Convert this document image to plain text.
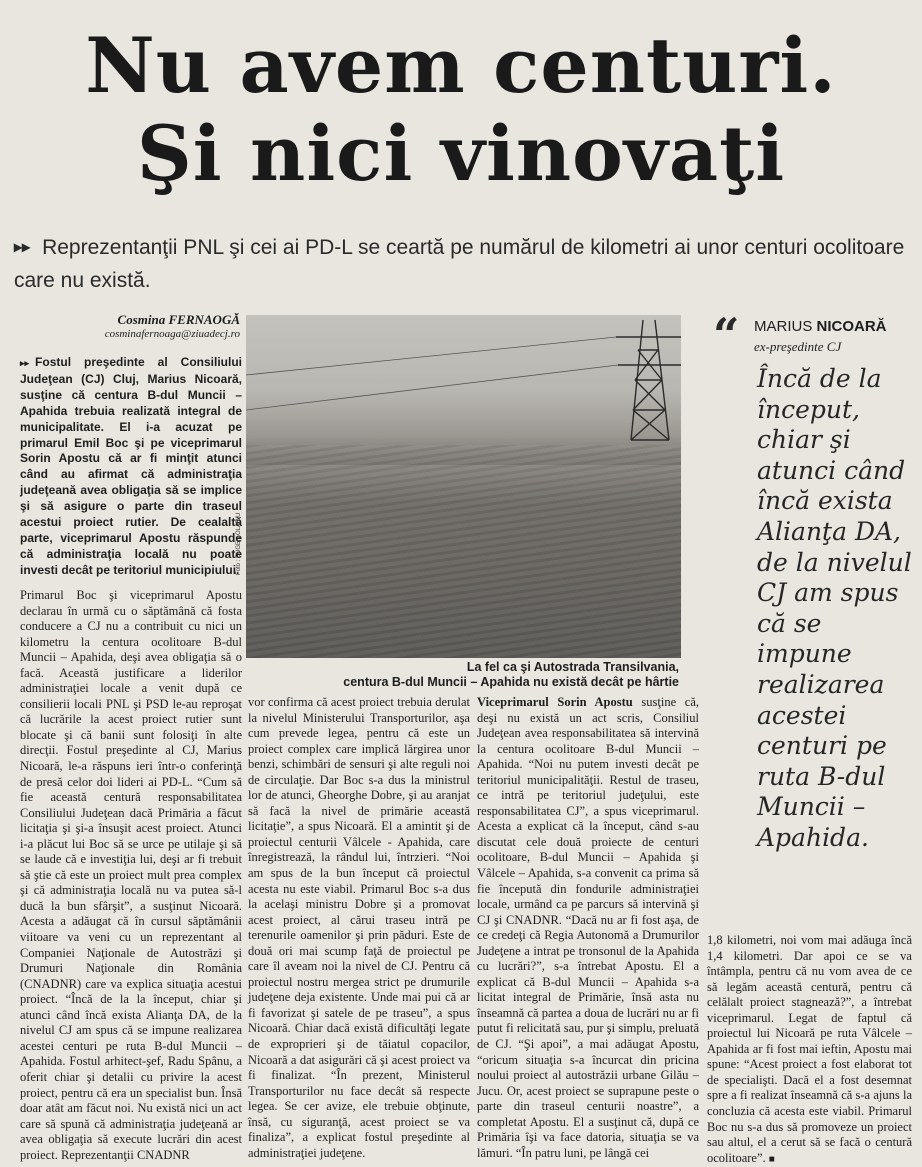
Nu avem centuri.
Şi nici vinovaţi
▸▸ Reprezentanţii PNL şi cei ai PD-L se ceartă pe numărul de kilometri ai unor centuri ocolitoare care nu există.
Cosmina FERNAOGĂ
cosminafernoaga@ziuadecj.ro

▸▸ Fostul preşedinte al Consiliului Judeţean (CJ) Cluj, Marius Nicoară, susţine că centura B-dul Muncii – Apahida trebuia realizată integral de municipalitate. El i-a acuzat pe primarul Emil Boc şi pe viceprimarul Sorin Apostu că ar fi minţit atunci când au afirmat că administraţia judeţeană avea obligaţia să se implice şi să asigure o parte din traseul acestui proiect rutier. De cealaltă parte, viceprimarul Apostu răspunde că administraţia locală nu poate investi decât pe teritoriul municipiului.

Primarul Boc şi viceprimarul Apostu declarau în urmă cu o săptămână că fosta conducere a CJ nu a contribuit cu nici un kilometru la centura ocolitoare B-dul Muncii – Apahida, deşi avea obligaţia să o facă. Această justificare a liderilor administraţiei locale a venit după ce consilierii locali PNL şi PSD le-au reproşat că lucrările la acest proiect rutier sunt blocate şi că banii sunt folosiţi în alte direcţii. Fostul preşedinte al CJ, Marius Nicoară, le-a răspuns ieri într-o conferinţă de presă celor doi lideri ai PD-L. “Cum să fie această centură responsabilitatea Consiliului Judeţean dacă Primăria a făcut licitaţia şi şi-a însuşit acest proiect. Atunci i-a plăcut lui Boc să se urce pe utilaje şi să se laude că e investiţia lui, deşi ar fi trebuit să ştie că este un proiect mult prea complex şi că administraţia locală nu va putea să-l ducă la bun sfârşit”, a susţinut Nicoară. Acesta a adăugat că în cursul săptămânii viitoare va veni cu un reprezentant al Companiei Naţionale de Autostrăzi şi Drumuri Naţionale din România (CNADNR) care va explica situaţia acestui proiect. “Încă de la la început, chiar şi atunci când încă exista Alianţa DA, de la nivelul CJ am spus că se impune realizarea acestei centuri pe ruta B-dul Muncii – Apahida. Fostul arhitect-şef, Radu Spânu, a oferit chiar şi detalii cu privire la acest proiect, pentru că era un specialist bun. Însă doar atât am făcut noi. Nu există nici un act care să spună că administraţia judeţeană ar avea obligaţia să execute lucrări din acest proiect. Reprezentanţii CNADNR

Foto : EUGEN OLARIU
La fel ca şi Autostrada Transilvania,
centura B-dul Muncii – Apahida nu există decât pe hârtie

vor confirma că acest proiect trebuia derulat la nivelul Ministerului Transporturilor, aşa cum prevede legea, pentru că este un proiect complex care implică lărgirea unor benzi, schimbări de sensuri şi alte reguli noi de circulaţie. Dar Boc s-a dus la ministrul lor de atunci, Gheorghe Dobre, şi au aranjat să facă la nivel de primărie această licitaţie”, a spus Nicoară. El a amintit şi de proiectul centurii Vâlcele - Apahida, care înregistrează, la rândul lui, întrzieri. “Noi am spus de la bun început că proiectul acesta nu este viabil. Primarul Boc s-a dus la acelaşi ministru Dobre şi a promovat acest proiect, al cărui traseu intră pe terenurile oamenilor şi prin păduri. Este de două ori mai scump faţă de proiectul pe care îl aveam noi la nivel de CJ. Pentru că proiectul nostru mergea strict pe drumurile judeţene deja existente. Unde mai pui că ar fi favorizat şi satele de pe traseu”, a spus Nicoară. Chiar dacă există dificultăţi legate de exproprieri şi de tăiatul copacilor, Nicoară a dat asigurări că şi acest proiect va fi finalizat. “În prezent, Ministerul Transporturilor nu face decât să respecte legea. Se cer avize, ele trebuie obţinute, însă, cu siguranţă, acest proiect se va finaliza”, a explicat fostul preşedinte al administraţiei judeţene.

Viceprimarul Sorin Apostu susţine că, deşi nu există un act scris, Consiliul Judeţean avea responsabilitatea să intervină la centura ocolitoare B-dul Muncii – Apahida. “Noi nu putem investi decât pe teritoriul municipalităţii. Restul de traseu, ce intră pe teritoriul judeţului, este responsabilitatea CJ”, a spus viceprimarul. Acesta a explicat că la început, când s-au discutat cele două proiecte de centuri ocolitoare, B-dul Muncii – Apahida şi Vâlcele – Apahida, s-a convenit ca prima să fie începută din fondurile administraţiei locale, urmând ca pe parcurs să intervină şi CJ şi CNADNR. “Dacă nu ar fi fost aşa, de ce credeţi că Regia Autonomă a Drumurilor Judeţene a intrat pe tronsonul de la Apahida cu lucrări?”, s-a întrebat Apostu. El a explicat că B-dul Muncii – Apahida s-a licitat integral de Primărie, însă asta nu înseamnă că partea a doua de lucrări nu ar fi putut fi relicitată sau, pur şi simplu, preluată de CJ. “Şi apoi”, a mai adăugat Apostu, “oricum situaţia s-a încurcat din pricina noului proiect al autostrăzii urbane Gilău – Jucu. Or, acest proiect se suprapune peste o parte din traseul centurii noastre”, a completat Apostu. El a susţinut că, după ce Primăria îşi va face datoria, situaţia se va lămuri. “În patru luni, pe lângă cei

1,8 kilometri, noi vom mai adăuga încă 1,4 kilometri. Dar apoi ce se va întâmpla, pentru că nu vom avea de ce să legăm această centură, pentru că celălalt proiect stagnează?”, a întrebat viceprimarul. Legat de faptul că proiectul lui Nicoară pe ruta Vâlcele – Apahida ar fi fost mai ieftin, Apostu mai spune: “Acest proiect a fost elaborat tot de specialişti. Dacă el a fost desemnat spre a fi realizat înseamnă că s-a ajuns la concluzia că acesta este viabil. Primarul Boc nu s-a dus să promoveze un proiect sau altul, el a cerut să se facă o centură ocolitoare”. ■

“ MARIUS NICOARĂ
ex-preşedinte CJ

Încă de la început, chiar şi atunci când încă exista Alianţa DA, de la nivelul CJ am spus că se impune realizarea acestei centuri pe ruta B-dul Muncii – Apahida.
